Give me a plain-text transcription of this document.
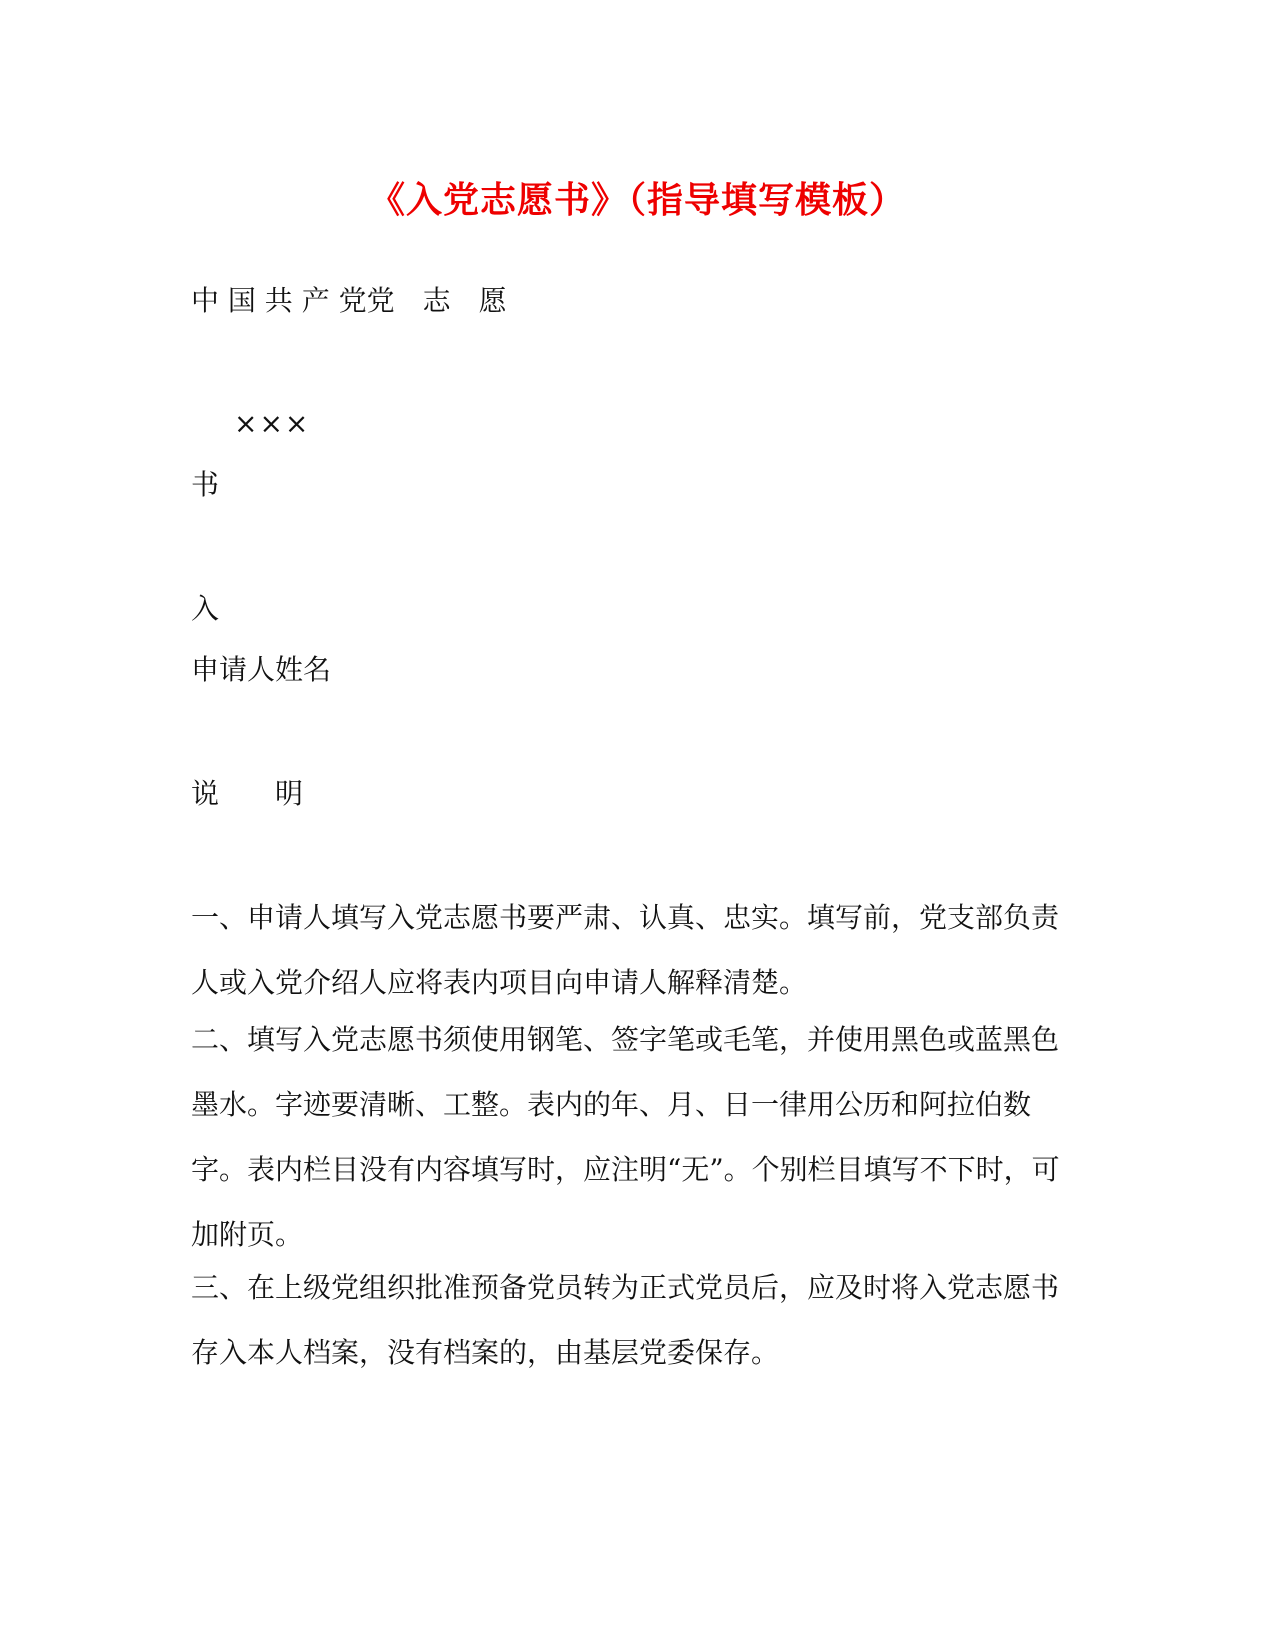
《入党志愿书》（指导填写模板）
中 国 共 产 党党　志　愿
×××
书
入
申请人姓名
说　　明

一、申请人填写入党志愿书要严肃、认真、忠实。填写前，党支部负责人或入党介绍人应将表内项目向申请人解释清楚。

二、填写入党志愿书须使用钢笔、签字笔或毛笔，并使用黑色或蓝黑色墨水。字迹要清晰、工整。表内的年、月、日一律用公历和阿拉伯数字。表内栏目没有内容填写时，应注明“无”。个别栏目填写不下时，可加附页。

三、在上级党组织批准预备党员转为正式党员后，应及时将入党志愿书存入本人档案，没有档案的，由基层党委保存。
